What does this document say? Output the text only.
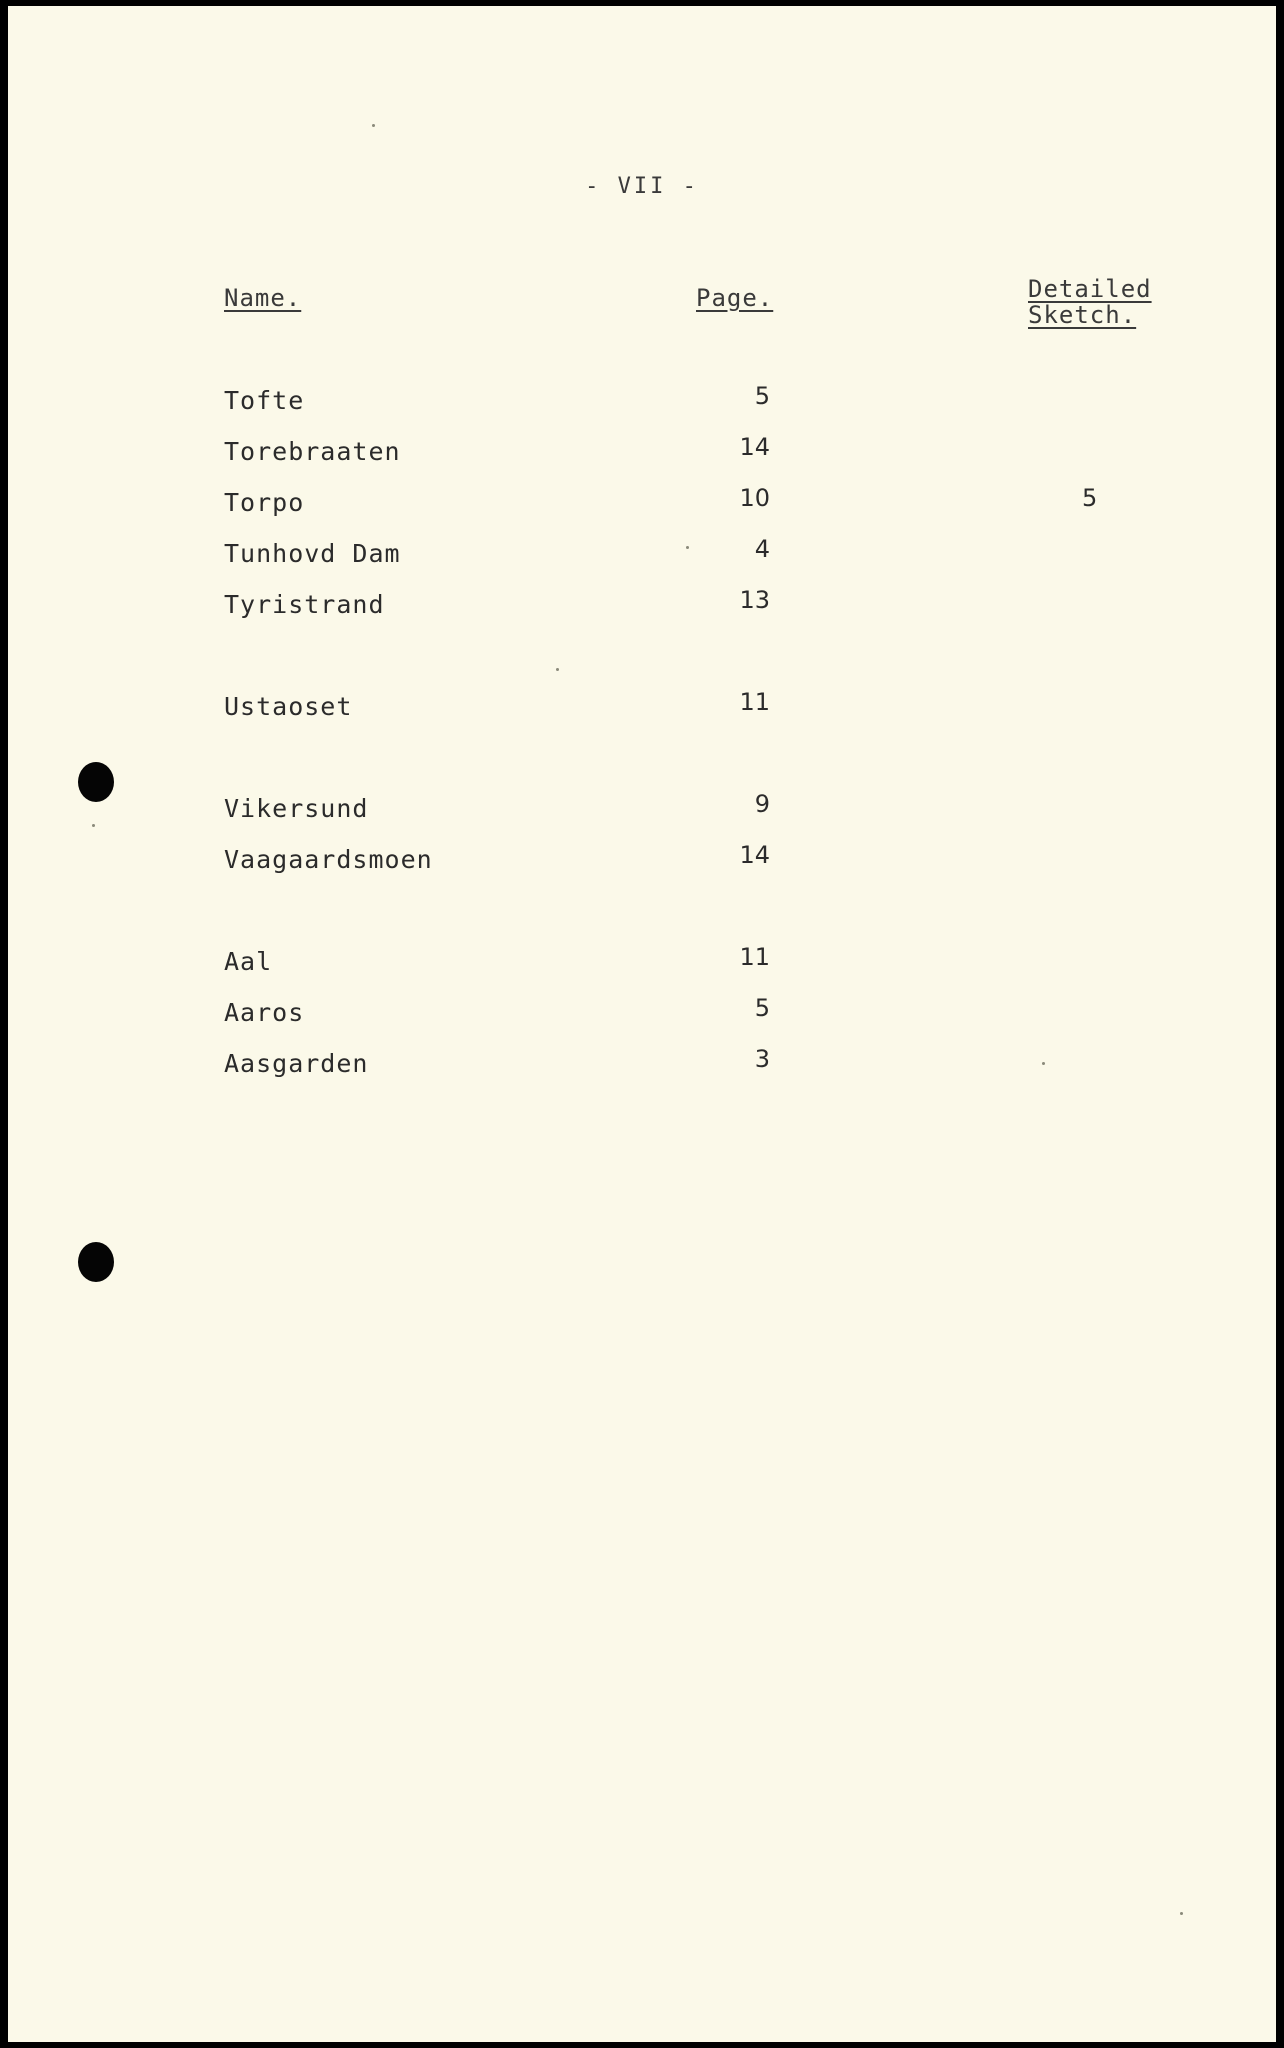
- VII -
Name.	Page.	Detailed
Sketch.
Tofte	5
Torebraaten	14
Torpo	10	5
Tunhovd Dam	4
Tyristrand	13
Ustaoset	11
Vikersund	9
Vaagaardsmoen	14
Aal	11
Aaros	5
Aasgarden	3
